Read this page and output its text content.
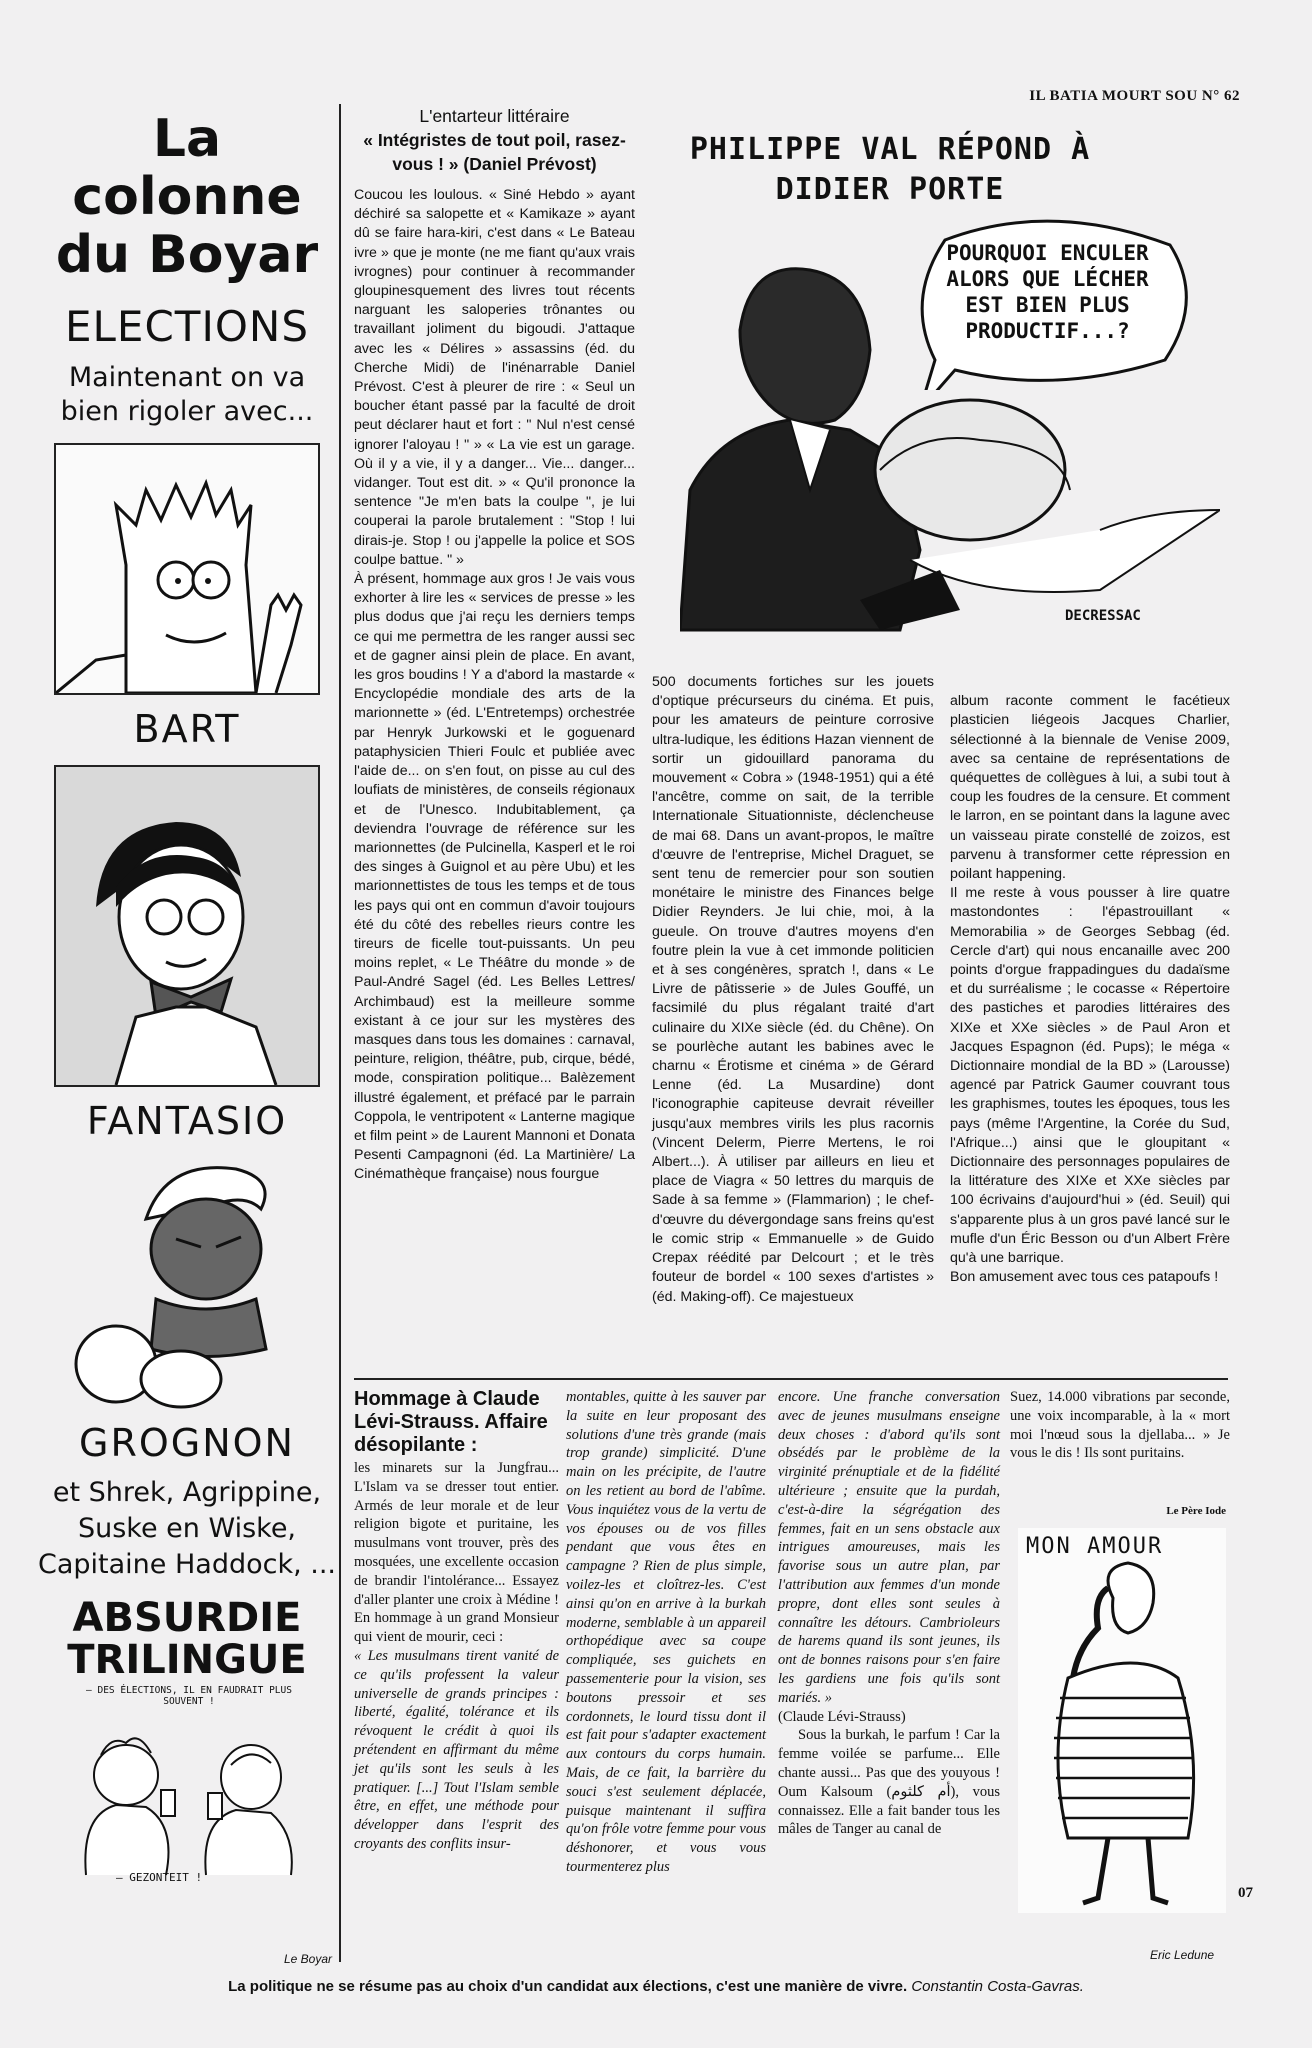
IL BATIA MOURT SOU N° 62
La colonne du Boyar
ELECTIONS
Maintenant on va bien rigoler avec...
BART
FANTASIO
GROGNON
et Shrek, Agrippine, Suske en Wiske, Capitaine Haddock, ...
ABSURDIE TRILINGUE
— DES ÉLECTIONS, IL EN FAUDRAIT PLUS SOUVENT !
— GEZONTEIT !
Le Boyar
L'entarteur littéraire
« Intégristes de tout poil, rasez-vous ! » (Daniel Prévost)

Coucou les loulous. « Siné Hebdo » ayant déchiré sa salopette et « Kamikaze » ayant dû se faire hara-kiri, c'est dans « Le Bateau ivre » que je monte (ne me fiant qu'aux vrais ivrognes) pour continuer à recommander gloupinesquement des livres tout récents narguant les saloperies trônantes ou travaillant joliment du bigoudi. J'attaque avec les « Délires » assassins (éd. du Cherche Midi) de l'inénarrable Daniel Prévost. C'est à pleurer de rire : « Seul un boucher étant passé par la faculté de droit peut déclarer haut et fort : " Nul n'est censé ignorer l'aloyau ! " » « La vie est un garage. Où il y a vie, il y a danger... Vie... danger... vidanger. Tout est dit. » « Qu'il prononce la sentence "Je m'en bats la coulpe ", je lui couperai la parole brutalement : "Stop ! lui dirais-je. Stop ! ou j'appelle la police et SOS coulpe battue. " »

À présent, hommage aux gros ! Je vais vous exhorter à lire les « services de presse » les plus dodus que j'ai reçu les derniers temps ce qui me permettra de les ranger aussi sec et de gagner ainsi plein de place. En avant, les gros boudins ! Y a d'abord la mastarde « Encyclopédie mondiale des arts de la marionnette » (éd. L'Entretemps) orchestrée par Henryk Jurkowski et le goguenard pataphysicien Thieri Foulc et publiée avec l'aide de... on s'en fout, on pisse au cul des loufiats de ministères, de conseils régionaux et de l'Unesco. Indubitablement, ça deviendra l'ouvrage de référence sur les marionnettes (de Pulcinella, Kasperl et le roi des singes à Guignol et au père Ubu) et les marionnettistes de tous les temps et de tous les pays qui ont en commun d'avoir toujours été du côté des rebelles rieurs contre les tireurs de ficelle tout-puissants. Un peu moins replet, « Le Théâtre du monde » de Paul-André Sagel (éd. Les Belles Lettres/ Archimbaud) est la meilleure somme existant à ce jour sur les mystères des masques dans tous les domaines : carnaval, peinture, religion, théâtre, pub, cirque, bédé, mode, conspiration politique... Balèzement illustré également, et préfacé par le parrain Coppola, le ventripotent « Lanterne magique et film peint » de Laurent Mannoni et Donata Pesenti Campagnoni (éd. La Martinière/ La Cinémathèque française) nous fourgue

PHILIPPE VAL RÉPOND À DIDIER PORTE
POURQUOI ENCULER ALORS QUE LÉCHER EST BIEN PLUS PRODUCTIF...?
DECRESSAC

500 documents fortiches sur les jouets d'optique précurseurs du cinéma. Et puis, pour les amateurs de peinture corrosive ultra-ludique, les éditions Hazan viennent de sortir un gidouillard panorama du mouvement « Cobra » (1948-1951) qui a été l'ancêtre, comme on sait, de la terrible Internationale Situationniste, déclencheuse de mai 68. Dans un avant-propos, le maître d'œuvre de l'entreprise, Michel Draguet, se sent tenu de remercier pour son soutien monétaire le ministre des Finances belge Didier Reynders. Je lui chie, moi, à la gueule. On trouve d'autres moyens d'en foutre plein la vue à cet immonde politicien et à ses congénères, spratch !, dans « Le Livre de pâtisserie » de Jules Gouffé, un facsimilé du plus régalant traité d'art culinaire du XIXe siècle (éd. du Chêne). On se pourlèche autant les babines avec le charnu « Érotisme et cinéma » de Gérard Lenne (éd. La Musardine) dont l'iconographie capiteuse devrait réveiller jusqu'aux membres virils les plus racornis (Vincent Delerm, Pierre Mertens, le roi Albert...). À utiliser par ailleurs en lieu et place de Viagra « 50 lettres du marquis de Sade à sa femme » (Flammarion) ; le chef-d'œuvre du dévergondage sans freins qu'est le comic strip « Emmanuelle » de Guido Crepax réédité par Delcourt ; et le très fouteur de bordel « 100 sexes d'artistes » (éd. Making-off). Ce majestueux

album raconte comment le facétieux plasticien liégeois Jacques Charlier, sélectionné à la biennale de Venise 2009, avec sa centaine de représentations de quéquettes de collègues à lui, a subi tout à coup les foudres de la censure. Et comment le larron, en se pointant dans la lagune avec un vaisseau pirate constellé de zoizos, est parvenu à transformer cette répression en poilant happening.
Il me reste à vous pousser à lire quatre mastondontes : l'épastrouillant « Memorabilia » de Georges Sebbag (éd. Cercle d'art) qui nous encanaille avec 200 points d'orgue frappadingues du dadaïsme et du surréalisme ; le cocasse « Répertoire des pastiches et parodies littéraires des XIXe et XXe siècles » de Paul Aron et Jacques Espagnon (éd. Pups); le méga « Dictionnaire mondial de la BD » (Larousse) agencé par Patrick Gaumer couvrant tous les graphismes, toutes les époques, tous les pays (même l'Argentine, la Corée du Sud, l'Afrique...) ainsi que le gloupitant « Dictionnaire des personnages populaires de la littérature des XIXe et XXe siècles par 100 écrivains d'aujourd'hui » (éd. Seuil) qui s'apparente plus à un gros pavé lancé sur le mufle d'un Éric Besson ou d'un Albert Frère qu'à une barrique.
Bon amusement avec tous ces patapoufs !

Hommage à Claude Lévi-Strauss. Affaire désopilante :

les minarets sur la Jungfrau... L'Islam va se dresser tout entier. Armés de leur morale et de leur religion bigote et puritaine, les musulmans vont trouver, près des mosquées, une excellente occasion de brandir l'intolérance... Essayez d'aller planter une croix à Médine ! En hommage à un grand Monsieur qui vient de mourir, ceci :

« Les musulmans tirent vanité de ce qu'ils professent la valeur universelle de grands principes : liberté, égalité, tolérance et ils révoquent le crédit à quoi ils prétendent en affirmant du même jet qu'ils sont les seuls à les pratiquer. [...] Tout l'Islam semble être, en effet, une méthode pour développer dans l'esprit des croyants des conflits insur-

montables, quitte à les sauver par la suite en leur proposant des solutions d'une très grande (mais trop grande) simplicité. D'une main on les précipite, de l'autre on les retient au bord de l'abîme. Vous inquiétez vous de la vertu de vos épouses ou de vos filles pendant que vous êtes en campagne ? Rien de plus simple, voilez-les et cloîtrez-les. C'est ainsi qu'on en arrive à la burkah moderne, semblable à un appareil orthopédique avec sa coupe compliquée, ses guichets en passementerie pour la vision, ses boutons pressoir et ses cordonnets, le lourd tissu dont il est fait pour s'adapter exactement aux contours du corps humain. Mais, de ce fait, la barrière du souci s'est seulement déplacée, puisque maintenant il suffira qu'on frôle votre femme pour vous déshonorer, et vous vous tourmenterez plus

encore. Une franche conversation avec de jeunes musulmans enseigne deux choses : d'abord qu'ils sont obsédés par le problème de la virginité prénuptiale et de la fidélité ultérieure ; ensuite que la purdah, c'est-à-dire la ségrégation des femmes, fait en un sens obstacle aux intrigues amoureuses, mais les favorise sous un autre plan, par l'attribution aux femmes d'un monde propre, dont elles sont seules à connaître les détours. Cambrioleurs de harems quand ils sont jeunes, ils ont de bonnes raisons pour s'en faire les gardiens une fois qu'ils sont mariés. »

(Claude Lévi-Strauss)

Sous la burkah, le parfum ! Car la femme voilée se parfume... Elle chante aussi... Pas que des youyous ! Oum Kalsoum (أم كلثوم), vous connaissez. Elle a fait bander tous les mâles de Tanger au canal de

Suez, 14.000 vibrations par seconde, une voix incomparable, à la « mort moi l'nœud sous la djellaba... » Je vous le dis ! Ils sont puritains.

Le Père Iode
MON AMOUR
Eric Ledune
07
La politique ne se résume pas au choix d'un candidat aux élections, c'est une manière de vivre. Constantin Costa-Gavras.
